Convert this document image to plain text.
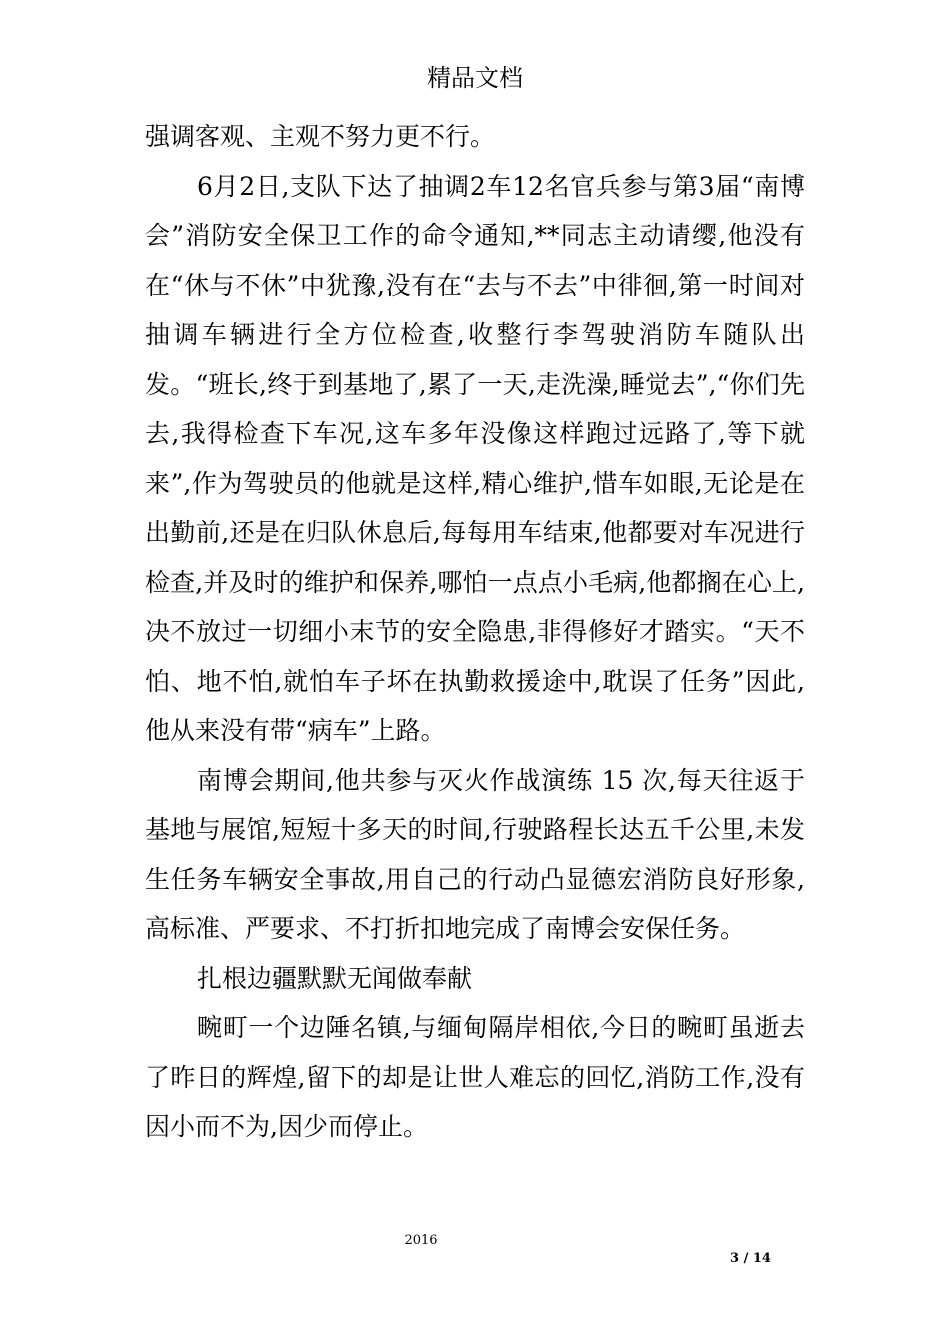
精品文档

强调客观、主观不努力更不行。

6月2日,支队下达了抽调2车12名官兵参与第3届“南博会”消防安全保卫工作的命令通知,**同志主动请缨,他没有在“休与不休”中犹豫,没有在“去与不去”中徘徊,第一时间对抽调车辆进行全方位检查,收整行李驾驶消防车随队出发。“班长,终于到基地了,累了一天,走洗澡,睡觉去”,“你们先去,我得检查下车况,这车多年没像这样跑过远路了,等下就来”,作为驾驶员的他就是这样,精心维护,惜车如眼,无论是在出勤前,还是在归队休息后,每每用车结束,他都要对车况进行检查,并及时的维护和保养,哪怕一点点小毛病,他都搁在心上,决不放过一切细小末节的安全隐患,非得修好才踏实。“天不怕、地不怕,就怕车子坏在执勤救援途中,耽误了任务”因此,他从来没有带“病车”上路。

南博会期间,他共参与灭火作战演练 15 次,每天往返于基地与展馆,短短十多天的时间,行驶路程长达五千公里,未发生任务车辆安全事故,用自己的行动凸显德宏消防良好形象,高标准、严要求、不打折扣地完成了南博会安保任务。

扎根边疆默默无闻做奉献

畹町一个边陲名镇,与缅甸隔岸相依,今日的畹町虽逝去了昨日的辉煌,留下的却是让世人难忘的回忆,消防工作,没有因小而不为,因少而停止。

2016
3 / 14
